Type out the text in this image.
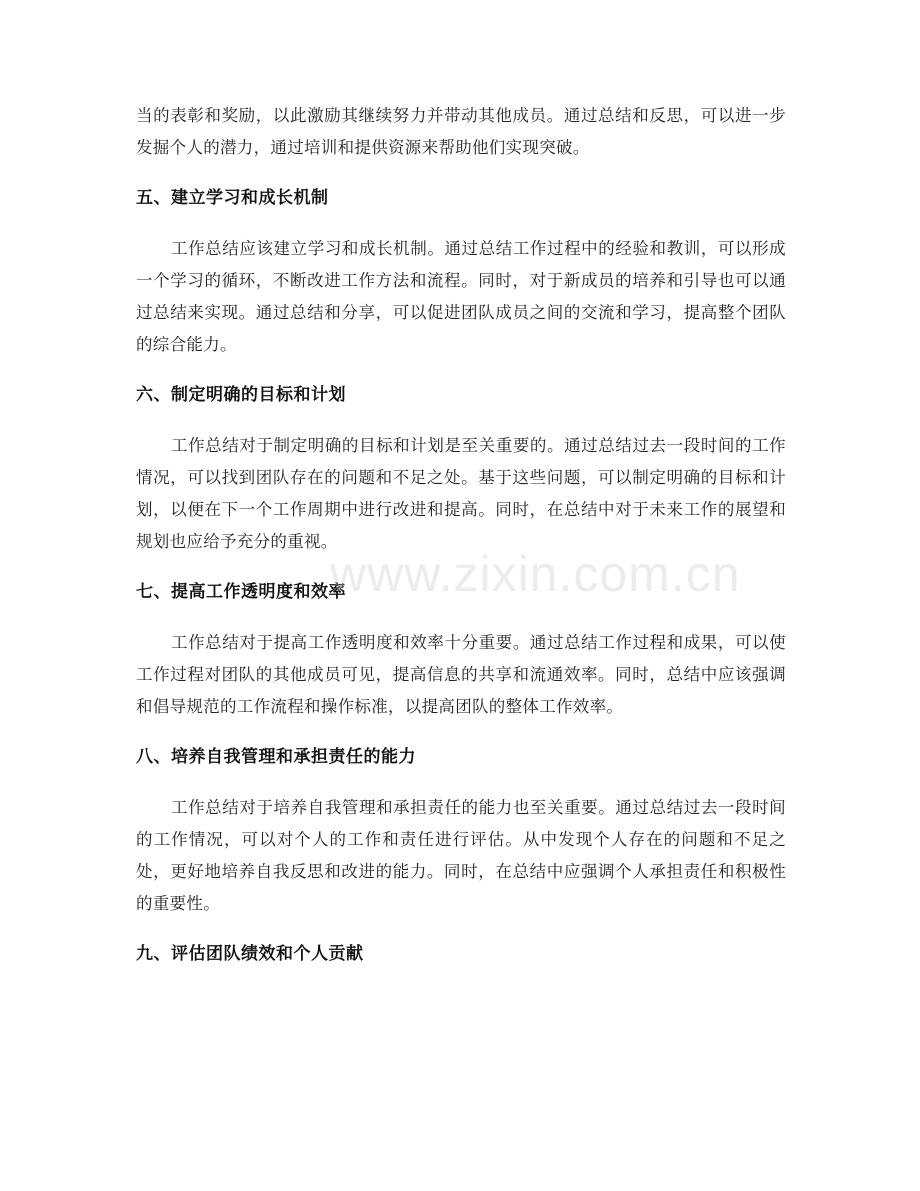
当的表彰和奖励，以此激励其继续努力并带动其他成员。通过总结和反思，可以进一步发掘个人的潜力，通过培训和提供资源来帮助他们实现突破。

五、建立学习和成长机制

工作总结应该建立学习和成长机制。通过总结工作过程中的经验和教训，可以形成一个学习的循环，不断改进工作方法和流程。同时，对于新成员的培养和引导也可以通过总结来实现。通过总结和分享，可以促进团队成员之间的交流和学习，提高整个团队的综合能力。

六、制定明确的目标和计划

工作总结对于制定明确的目标和计划是至关重要的。通过总结过去一段时间的工作情况，可以找到团队存在的问题和不足之处。基于这些问题，可以制定明确的目标和计划，以便在下一个工作周期中进行改进和提高。同时，在总结中对于未来工作的展望和规划也应给予充分的重视。

七、提高工作透明度和效率

工作总结对于提高工作透明度和效率十分重要。通过总结工作过程和成果，可以使工作过程对团队的其他成员可见，提高信息的共享和流通效率。同时，总结中应该强调和倡导规范的工作流程和操作标准，以提高团队的整体工作效率。

八、培养自我管理和承担责任的能力

工作总结对于培养自我管理和承担责任的能力也至关重要。通过总结过去一段时间的工作情况，可以对个人的工作和责任进行评估。从中发现个人存在的问题和不足之处，更好地培养自我反思和改进的能力。同时，在总结中应强调个人承担责任和积极性的重要性。

九、评估团队绩效和个人贡献
www.zixin.com.cn
